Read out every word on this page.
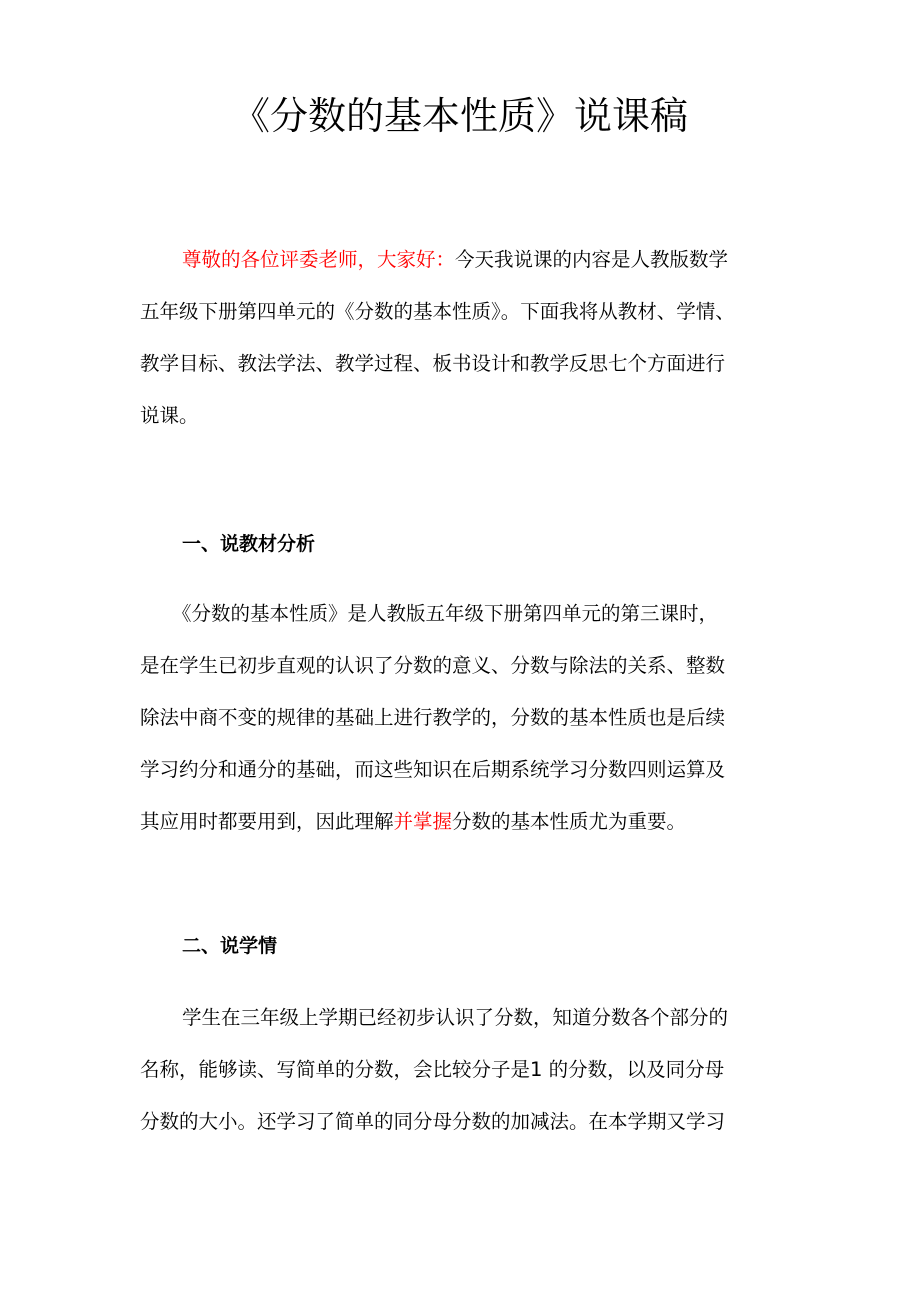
《分数的基本性质》说课稿
尊敬的各位评委老师，大家好：今天我说课的内容是人教版数学
五年级下册第四单元的《分数的基本性质》。下面我将从教材、学情、
教学目标、教法学法、教学过程、板书设计和教学反思七个方面进行
说课。
一、说教材分析
《分数的基本性质》是人教版五年级下册第四单元的第三课时，
是在学生已初步直观的认识了分数的意义、分数与除法的关系、整数
除法中商不变的规律的基础上进行教学的，分数的基本性质也是后续
学习约分和通分的基础，而这些知识在后期系统学习分数四则运算及
其应用时都要用到，因此理解并掌握分数的基本性质尤为重要。
二、说学情
学生在三年级上学期已经初步认识了分数，知道分数各个部分的
名称，能够读、写简单的分数，会比较分子是1 的分数，以及同分母
分数的大小。还学习了简单的同分母分数的加减法。在本学期又学习
